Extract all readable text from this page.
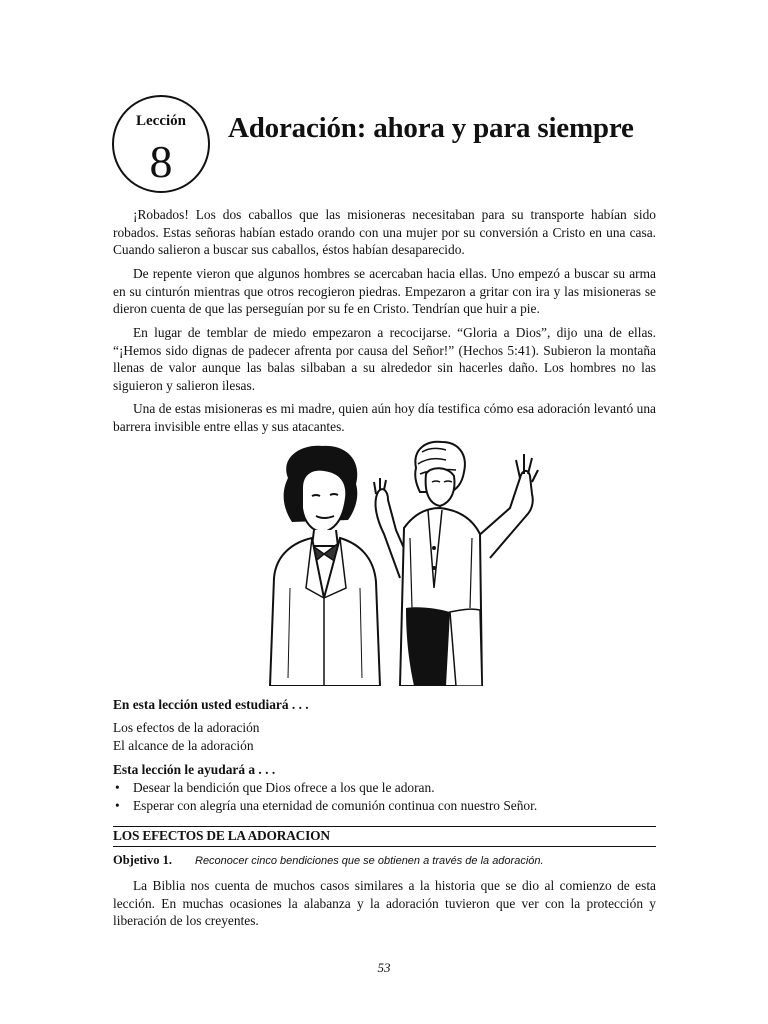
Lección
8
Adoración: ahora y para siempre

¡Robados! Los dos caballos que las misioneras necesitaban para su transporte habían sido robados. Estas señoras habían estado orando con una mujer por su conversión a Cristo en una casa. Cuando salieron a buscar sus caballos, éstos habían desaparecido.

De repente vieron que algunos hombres se acercaban hacia ellas. Uno empezó a buscar su arma en su cinturón mientras que otros recogieron piedras. Empezaron a gritar con ira y las misioneras se dieron cuenta de que las perseguían por su fe en Cristo. Tendrían que huir a pie.

En lugar de temblar de miedo empezaron a recocijarse. “Gloria a Dios”, dijo una de ellas. “¡Hemos sido dignas de padecer afrenta por causa del Señor!” (Hechos 5:41). Subieron la montaña llenas de valor aunque las balas silbaban a su alrededor sin hacerles daño. Los hombres no las siguieron y salieron ilesas.

Una de estas misioneras es mi madre, quien aún hoy día testifica cómo esa adoración levantó una barrera invisible entre ellas y sus atacantes.

En esta lección usted estudiará . . .

Los efectos de la adoración
El alcance de la adoración

Esta lección le ayudará a . . .

• Desear la bendición que Dios ofrece a los que le adoran.
• Esperar con alegría una eternidad de comunión continua con nuestro Señor.

LOS EFECTOS DE LA ADORACION

Objetivo 1. Reconocer cinco bendiciones que se obtienen a través de la adoración.

La Biblia nos cuenta de muchos casos similares a la historia que se dio al comienzo de esta lección. En muchas ocasiones la alabanza y la adoración tuvieron que ver con la protección y liberación de los creyentes.

53
